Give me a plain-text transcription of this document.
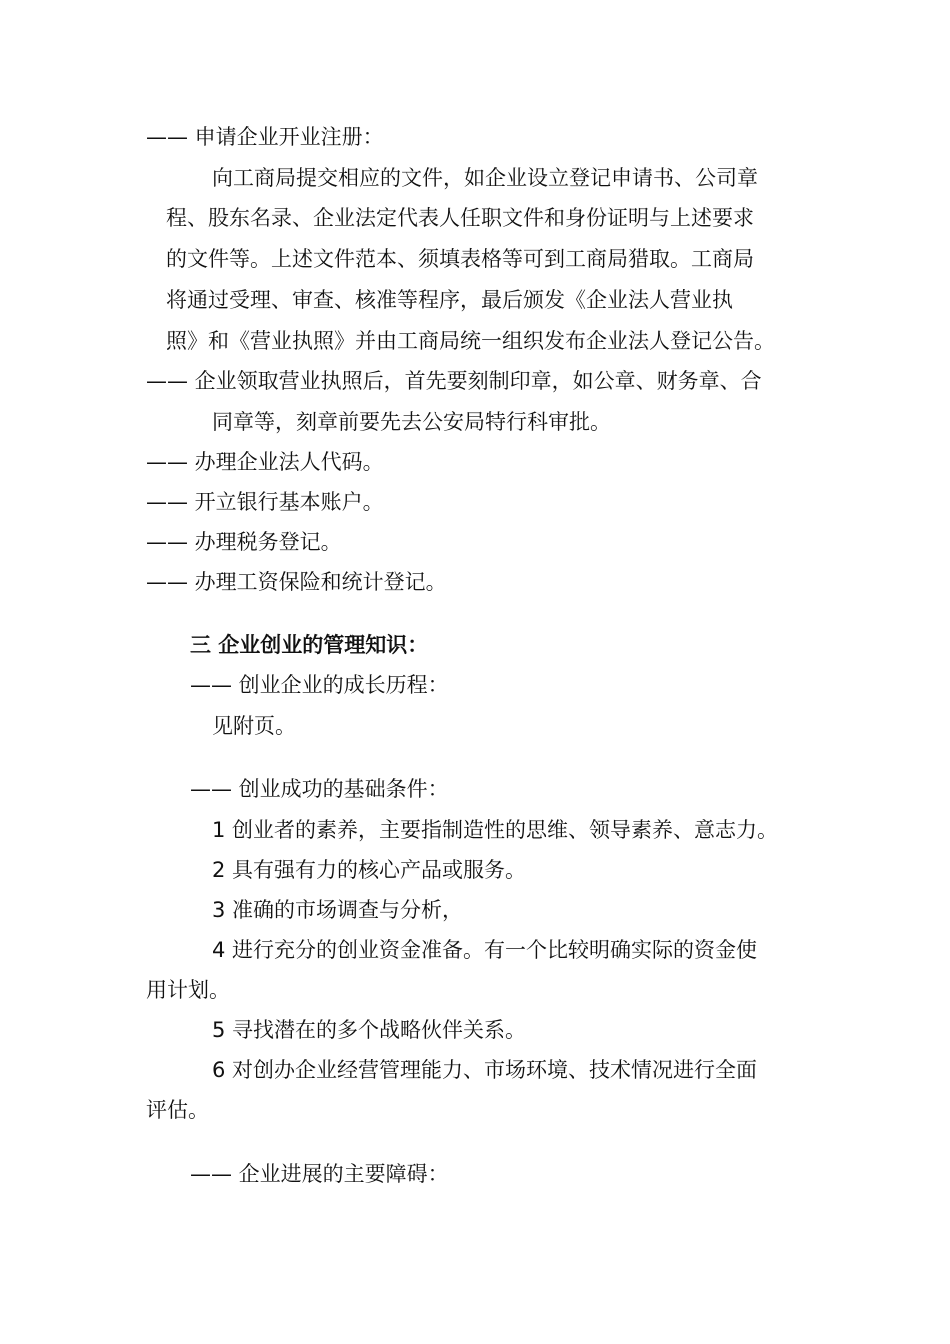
—— 申请企业开业注册：
向工商局提交相应的文件，如企业设立登记申请书、公司章
程、股东名录、企业法定代表人任职文件和身份证明与上述要求
的文件等。上述文件范本、须填表格等可到工商局猎取。工商局
将通过受理、审查、核准等程序，最后颁发《企业法人营业执
照》和《营业执照》并由工商局统一组织发布企业法人登记公告。
—— 企业领取营业执照后，首先要刻制印章，如公章、财务章、合
同章等，刻章前要先去公安局特行科审批。
—— 办理企业法人代码。
—— 开立银行基本账户。
—— 办理税务登记。
—— 办理工资保险和统计登记。
三 企业创业的管理知识：
—— 创业企业的成长历程：
见附页。
—— 创业成功的基础条件：
1 创业者的素养，主要指制造性的思维、领导素养、意志力。
2 具有强有力的核心产品或服务。
3 准确的市场调查与分析，
4 进行充分的创业资金准备。有一个比较明确实际的资金使
用计划。
5 寻找潜在的多个战略伙伴关系。
6 对创办企业经营管理能力、市场环境、技术情况进行全面
评估。
—— 企业进展的主要障碍：
